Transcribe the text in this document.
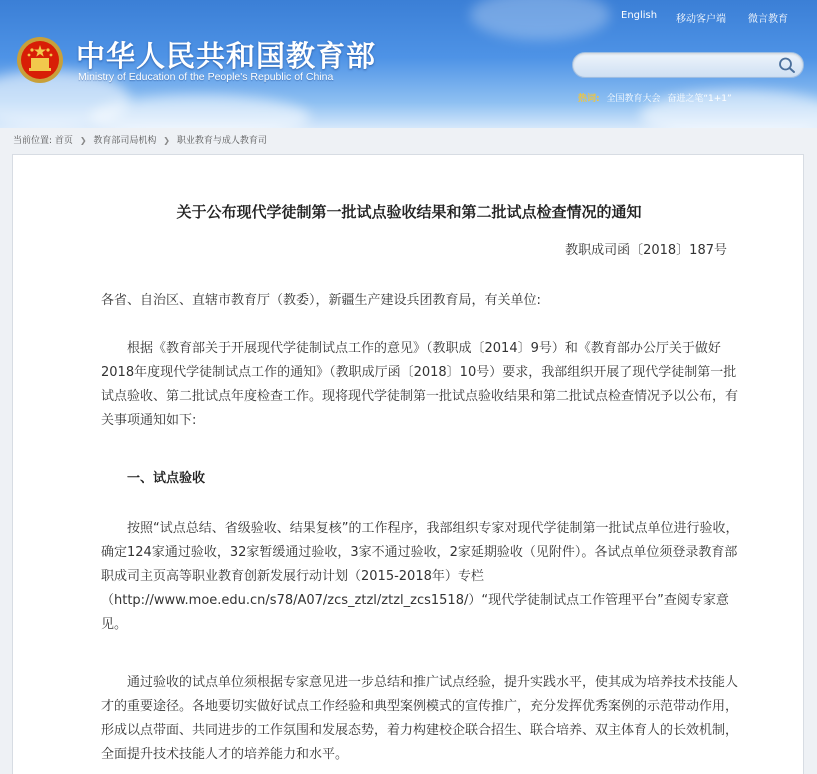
English 移动客户端 微言教育
中华人民共和国教育部
Ministry of Education of the People's Republic of China
热词: 全国教育大会 奋进之笔“1+1”
当前位置: 首页 ❯ 教育部司局机构 ❯ 职业教育与成人教育司
关于公布现代学徒制第一批试点验收结果和第二批试点检查情况的通知
教职成司函〔2018〕187号
各省、自治区、直辖市教育厅（教委），新疆生产建设兵团教育局，有关单位:
根据《教育部关于开展现代学徒制试点工作的意见》（教职成〔2014〕9号）和《教育部办公厅关于做好2018年度现代学徒制试点工作的通知》（教职成厅函〔2018〕10号）要求，我部组织开展了现代学徒制第一批试点验收、第二批试点年度检查工作。现将现代学徒制第一批试点验收结果和第二批试点检查情况予以公布，有关事项通知如下:
一、试点验收
按照“试点总结、省级验收、结果复核”的工作程序，我部组织专家对现代学徒制第一批试点单位进行验收，确定124家通过验收，32家暂缓通过验收，3家不通过验收，2家延期验收（见附件）。各试点单位须登录教育部职成司主页高等职业教育创新发展行动计划（2015-2018年）专栏（http://www.moe.edu.cn/s78/A07/zcs_ztzl/ztzl_zcs1518/）“现代学徒制试点工作管理平台”查阅专家意见。
通过验收的试点单位须根据专家意见进一步总结和推广试点经验，提升实践水平，使其成为培养技术技能人才的重要途径。各地要切实做好试点工作经验和典型案例模式的宣传推广，充分发挥优秀案例的示范带动作用，形成以点带面、共同进步的工作氛围和发展态势，着力构建校企联合招生、联合培养、双主体育人的长效机制，全面提升技术技能人才的培养能力和水平。
